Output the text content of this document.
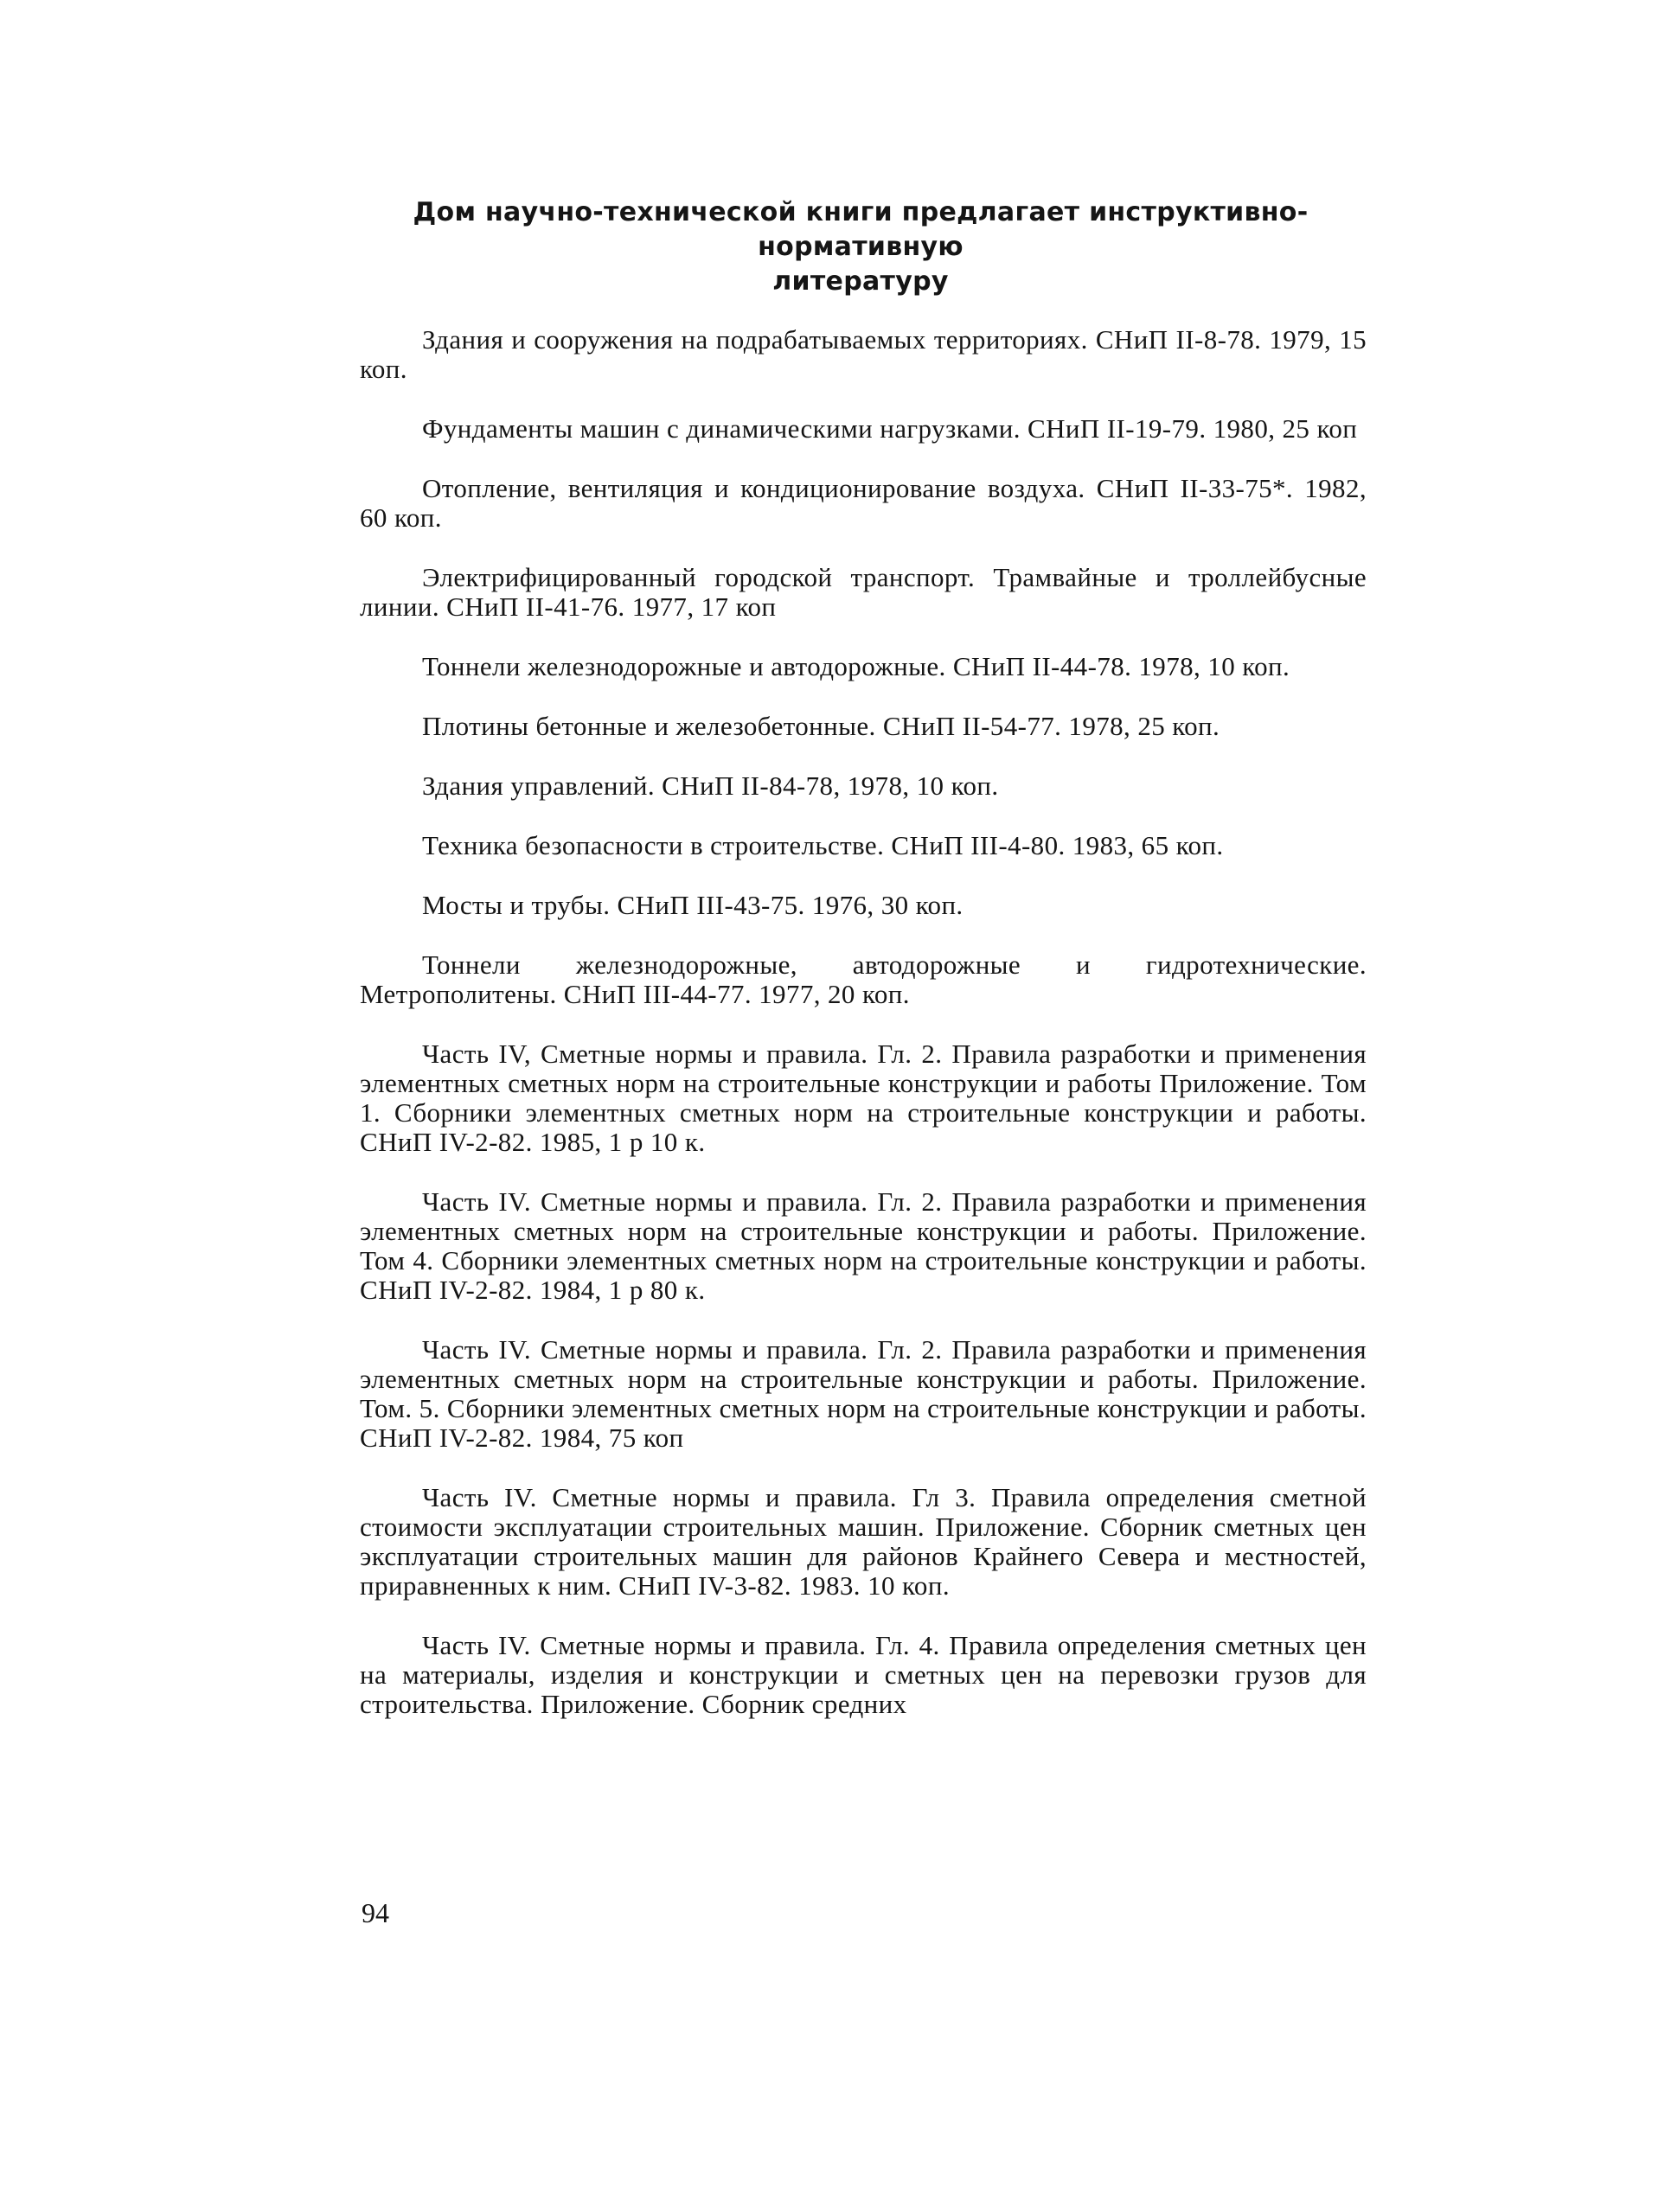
Дом научно-технической книги предлагает инструктивно-нормативную
литературу

Здания и сооружения на подрабатываемых территориях. СНиП II-8-78. 1979, 15 коп.

Фундаменты машин с динамическими нагрузками. СНиП II-19-79. 1980, 25 коп

Отопление, вентиляция и кондиционирование воздуха. СНиП II-33-75*. 1982, 60 коп.

Электрифицированный городской транспорт. Трамвайные и троллейбусные линии. СНиП II-41-76. 1977, 17 коп

Тоннели железнодорожные и автодорожные. СНиП II-44-78. 1978, 10 коп.

Плотины бетонные и железобетонные. СНиП II-54-77. 1978, 25 коп.

Здания управлений. СНиП II-84-78, 1978, 10 коп.

Техника безопасности в строительстве. СНиП III-4-80. 1983, 65 коп.

Мосты и трубы. СНиП III-43-75. 1976, 30 коп.

Тоннели железнодорожные, автодорожные и гидротехнические. Метрополитены. СНиП III-44-77. 1977, 20 коп.

Часть IV, Сметные нормы и правила. Гл. 2. Правила разработки и применения элементных сметных норм на строительные конструкции и работы Приложение. Том 1. Сборники элементных сметных норм на строительные конструкции и работы. СНиП IV-2-82. 1985, 1 р 10 к.

Часть IV. Сметные нормы и правила. Гл. 2. Правила разработки и применения элементных сметных норм на строительные конструкции и работы. Приложение. Том 4. Сборники элементных сметных норм на строительные конструкции и работы. СНиП IV-2-82. 1984, 1 р 80 к.

Часть IV. Сметные нормы и правила. Гл. 2. Правила разработки и применения элементных сметных норм на строительные конструкции и работы. Приложение. Том. 5. Сборники элементных сметных норм на строительные конструкции и работы. СНиП IV-2-82. 1984, 75 коп

Часть IV. Сметные нормы и правила. Гл 3. Правила определения сметной стоимости эксплуатации строительных машин. Приложение. Сборник сметных цен эксплуатации строительных машин для районов Крайнего Севера и местностей, приравненных к ним. СНиП IV-3-82. 1983. 10 коп.

Часть IV. Сметные нормы и правила. Гл. 4. Правила определения сметных цен на материалы, изделия и конструкции и сметных цен на перевозки грузов для строительства. Приложение. Сборник средних

94
